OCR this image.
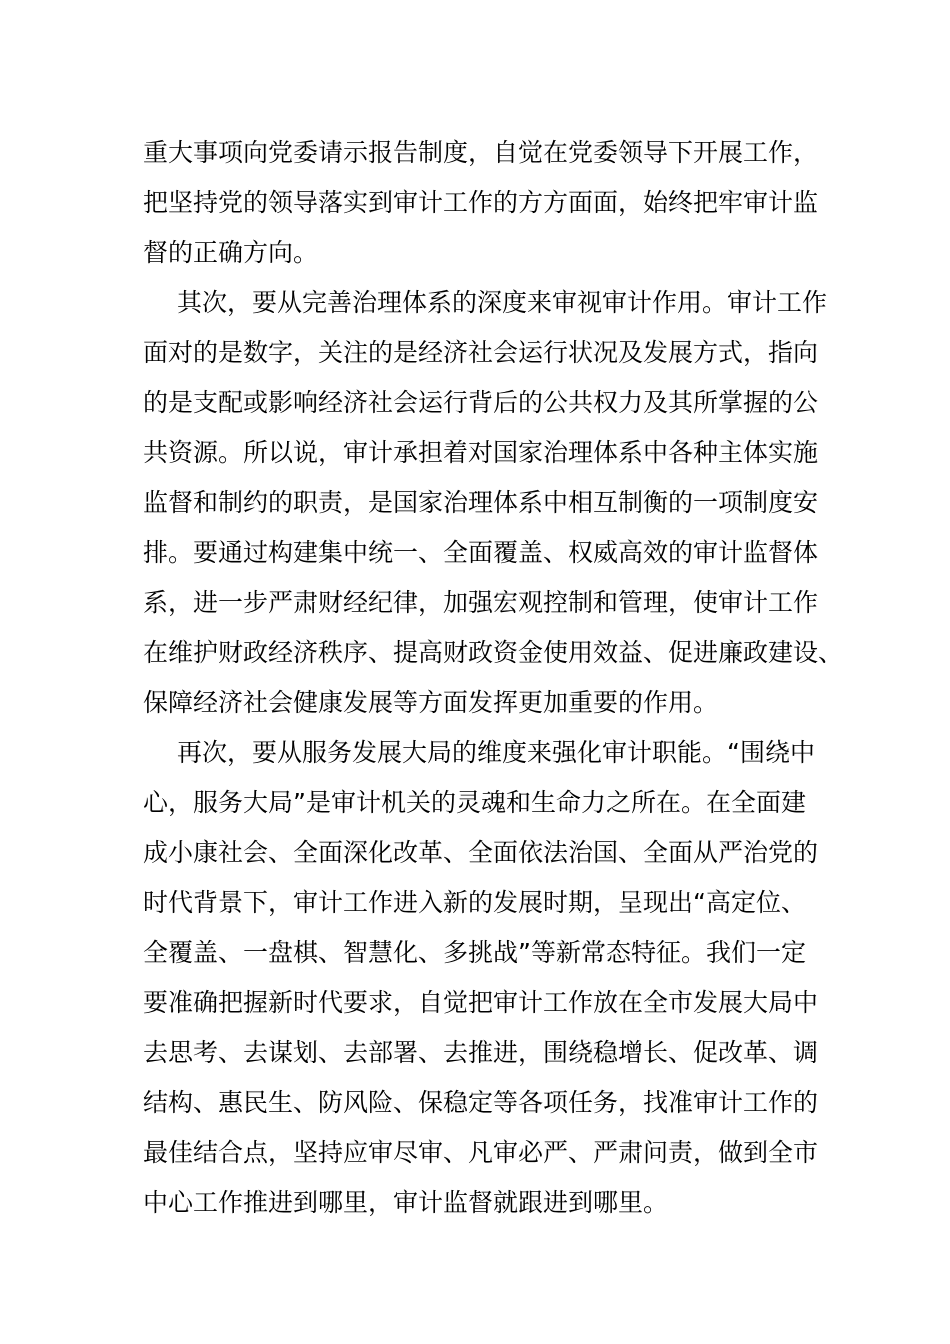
重大事项向党委请示报告制度，自觉在党委领导下开展工作，
把坚持党的领导落实到审计工作的方方面面，始终把牢审计监
督的正确方向。
其次，要从完善治理体系的深度来审视审计作用。审计工作
面对的是数字，关注的是经济社会运行状况及发展方式，指向
的是支配或影响经济社会运行背后的公共权力及其所掌握的公
共资源。所以说，审计承担着对国家治理体系中各种主体实施
监督和制约的职责，是国家治理体系中相互制衡的一项制度安
排。要通过构建集中统一、全面覆盖、权威高效的审计监督体
系，进一步严肃财经纪律，加强宏观控制和管理，使审计工作
在维护财政经济秩序、提高财政资金使用效益、促进廉政建设、
保障经济社会健康发展等方面发挥更加重要的作用。
再次，要从服务发展大局的维度来强化审计职能。“围绕中
心，服务大局”是审计机关的灵魂和生命力之所在。在全面建
成小康社会、全面深化改革、全面依法治国、全面从严治党的
时代背景下，审计工作进入新的发展时期，呈现出“高定位、
全覆盖、一盘棋、智慧化、多挑战”等新常态特征。我们一定
要准确把握新时代要求，自觉把审计工作放在全市发展大局中
去思考、去谋划、去部署、去推进，围绕稳增长、促改革、调
结构、惠民生、防风险、保稳定等各项任务，找准审计工作的
最佳结合点，坚持应审尽审、凡审必严、严肃问责，做到全市
中心工作推进到哪里，审计监督就跟进到哪里。
